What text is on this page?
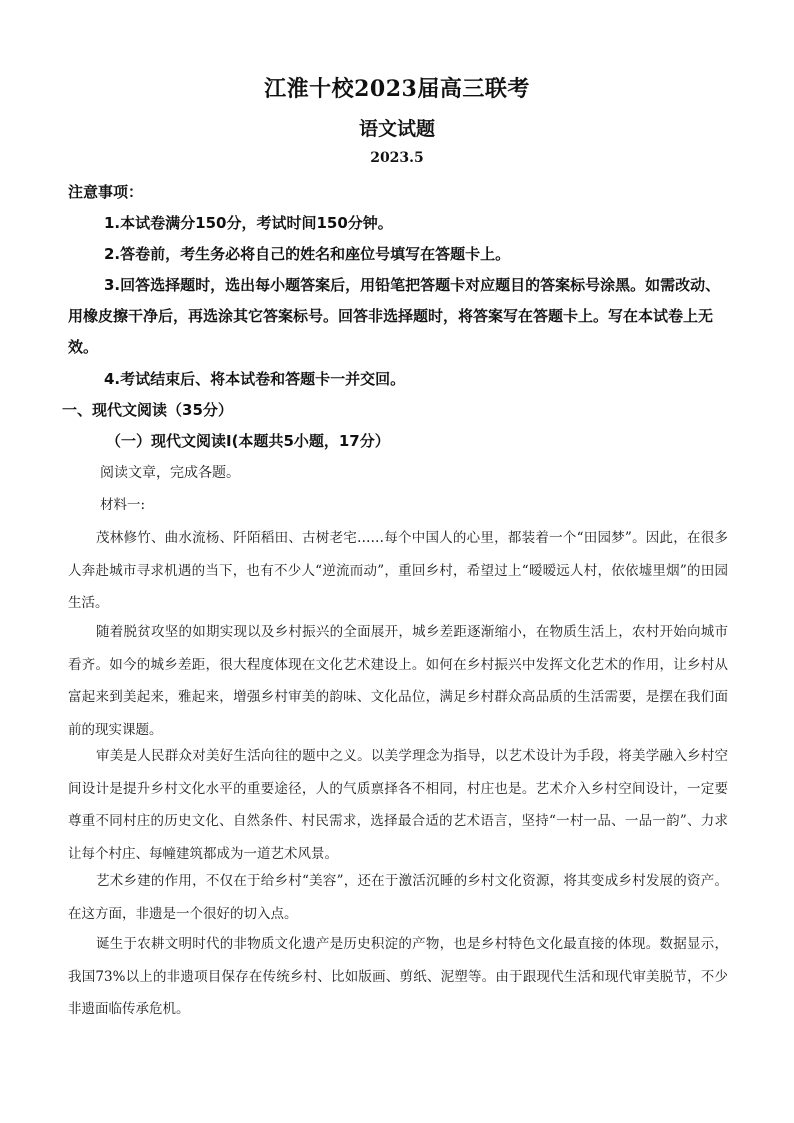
江淮十校2023届高三联考
语文试题
2023.5
注意事项：
1.本试卷满分150分，考试时间150分钟。
2.答卷前，考生务必将自己的姓名和座位号填写在答题卡上。
3.回答选择题时，选出每小题答案后，用铅笔把答题卡对应题目的答案标号涂黑。如需改动、用橡皮擦干净后，再选涂其它答案标号。回答非选择题时，将答案写在答题卡上。写在本试卷上无效。
4.考试结束后、将本试卷和答题卡一并交回。
一、现代文阅读（35分）
（一）现代文阅读Ⅰ(本题共5小题，17分）
阅读文章，完成各题。
材料一:
茂林修竹、曲水流杨、阡陌稻田、古树老宅……每个中国人的心里，都装着一个“田园梦”。因此，在很多人奔赴城市寻求机遇的当下，也有不少人“逆流而动”，重回乡村，希望过上“暧暧远人村，依依墟里烟”的田园生活。
随着脱贫攻坚的如期实现以及乡村振兴的全面展开，城乡差距逐渐缩小，在物质生活上，农村开始向城市看齐。如今的城乡差距，很大程度体现在文化艺术建设上。如何在乡村振兴中发挥文化艺术的作用，让乡村从富起来到美起来，雅起来，增强乡村审美的韵味、文化品位，满足乡村群众高品质的生活需要，是摆在我们面前的现实课题。
审美是人民群众对美好生活向往的题中之义。以美学理念为指导，以艺术设计为手段，将美学融入乡村空间设计是提升乡村文化水平的重要途径，人的气质禀择各不相同，村庄也是。艺术介入乡村空间设计，一定要尊重不同村庄的历史文化、自然条件、村民需求，选择最合适的艺术语言，坚持“一村一品、一品一韵”、力求让每个村庄、每幢建筑都成为一道艺术风景。
艺术乡建的作用，不仅在于给乡村“美容”，还在于激活沉睡的乡村文化资源，将其变成乡村发展的资产。在这方面，非遗是一个很好的切入点。
诞生于农耕文明时代的非物质文化遗产是历史积淀的产物，也是乡村特色文化最直接的体现。数据显示，我国73%以上的非遗项目保存在传统乡村、比如版画、剪纸、泥塑等。由于跟现代生活和现代审美脱节，不少非遗面临传承危机。
